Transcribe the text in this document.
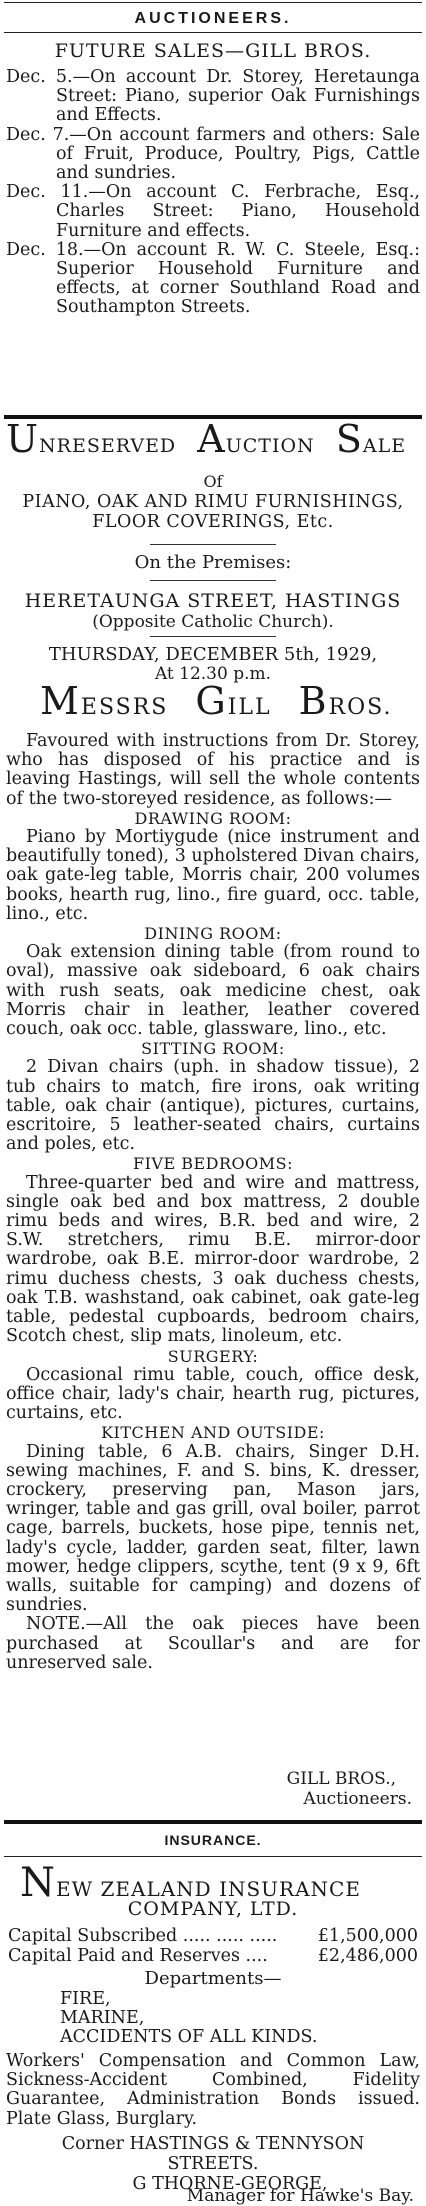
AUCTIONEERS.
FUTURE SALES—GILL BROS.

Dec. 5.—On account Dr. Storey, Heretaunga Street: Piano, superior Oak Furnishings and Effects.

Dec. 7.—On account farmers and others: Sale of Fruit, Produce, Poultry, Pigs, Cattle and sundries.

Dec. 11.—On account C. Ferbrache, Esq., Charles Street: Piano, Household Furniture and effects.

Dec. 18.—On account R. W. C. Steele, Esq.: Superior Household Furniture and effects, at corner Southland Road and Southampton Streets.

UNRESERVED AUCTION SALE
Of
PIANO, OAK AND RIMU FURNISHINGS, FLOOR COVERINGS, Etc.
On the Premises:
HERETAUNGA STREET, HASTINGS
(Opposite Catholic Church).
THURSDAY, DECEMBER 5th, 1929,
At 12.30 p.m.
MESSRS GILL BROS.

Favoured with instructions from Dr. Storey, who has disposed of his practice and is leaving Hastings, will sell the whole contents of the two-storeyed residence, as follows:—

DRAWING ROOM:

Piano by Mortiygude (nice instrument and beautifully toned), 3 upholstered Divan chairs, oak gate-leg table, Morris chair, 200 volumes books, hearth rug, lino., fire guard, occ. table, lino., etc.

DINING ROOM:

Oak extension dining table (from round to oval), massive oak sideboard, 6 oak chairs with rush seats, oak medicine chest, oak Morris chair in leather, leather covered couch, oak occ. table, glassware, lino., etc.

SITTING ROOM:

2 Divan chairs (uph. in shadow tissue), 2 tub chairs to match, fire irons, oak writing table, oak chair (antique), pictures, curtains, escritoire, 5 leather-seated chairs, curtains and poles, etc.

FIVE BEDROOMS:

Three-quarter bed and wire and mattress, single oak bed and box mattress, 2 double rimu beds and wires, B.R. bed and wire, 2 S.W. stretchers, rimu B.E. mirror-door wardrobe, oak B.E. mirror-door wardrobe, 2 rimu duchess chests, 3 oak duchess chests, oak T.B. washstand, oak cabinet, oak gate-leg table, pedestal cupboards, bedroom chairs, Scotch chest, slip mats, linoleum, etc.

SURGERY:

Occasional rimu table, couch, office desk, office chair, lady's chair, hearth rug, pictures, curtains, etc.

KITCHEN AND OUTSIDE:

Dining table, 6 A.B. chairs, Singer D.H. sewing machines, F. and S. bins, K. dresser, crockery, preserving pan, Mason jars, wringer, table and gas grill, oval boiler, parrot cage, barrels, buckets, hose pipe, tennis net, lady's cycle, ladder, garden seat, filter, lawn mower, hedge clippers, scythe, tent (9 x 9, 6ft walls, suitable for camping) and dozens of sundries.

NOTE.—All the oak pieces have been purchased at Scoullar's and are for unreserved sale.

GILL BROS.,
Auctioneers.
INSURANCE.
NEW ZEALAND INSURANCE
COMPANY, LTD.
Capital Subscribed ..... ..... ..... £1,500,000
Capital Paid and Reserves ....	£2,486,000
Departments—
FIRE,
MARINE,
ACCIDENTS OF ALL KINDS.
Workers' Compensation and Common Law, Sickness-Accident Combined, Fidelity Guarantee, Administration Bonds issued. Plate Glass, Burglary.
Corner HASTINGS & TENNYSON
STREETS.
G THORNE-GEORGE,
Manager for Hawke's Bay.
